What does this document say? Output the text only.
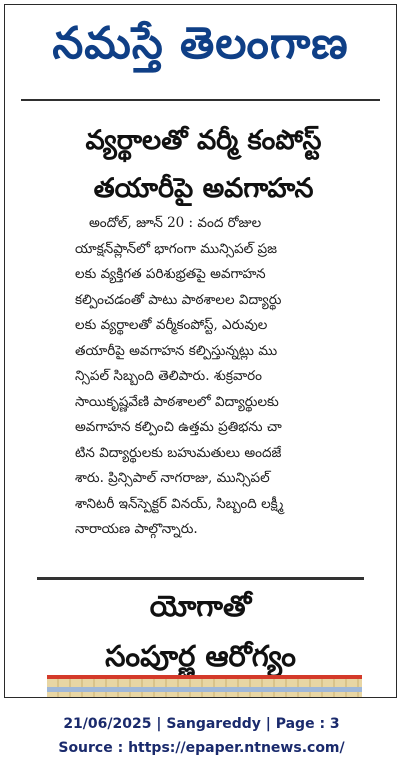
నమస్తే తెలంగాణ
వ్యర్థాలతో వర్మీ కంపోస్ట్
తయారీపై అవగాహన
అందోల్, జూన్ 20 : వంద రోజుల
యాక్షన్‌ప్లాన్‌లో భాగంగా మున్సిపల్ ప్రజ
లకు వ్యక్తిగత పరిశుభ్రతపై అవగాహన
కల్పించడంతో పాటు పాఠశాలల విద్యార్థు
లకు వ్యర్థాలతో వర్మీకంపోస్ట్, ఎరువుల
తయారీపై అవగాహన కల్పిస్తున్నట్లు ము
న్సిపల్ సిబ్బంది తెలిపారు. శుక్రవారం
సాయికృష్ణవేణి పాఠశాలలో విద్యార్థులకు
అవగాహన కల్పించి ఉత్తమ ప్రతిభను చా
టిన విద్యార్థులకు బహుమతులు అందజే
శారు. ప్రిన్సిపాల్ నాగరాజు, మున్సిపల్
శానిటరీ ఇన్‌స్పెక్టర్ వినయ్, సిబ్బంది లక్ష్మీ
నారాయణ పాల్గొన్నారు.
యోగాతో
సంపూర్ణ ఆరోగ్యం
21/06/2025 | Sangareddy | Page : 3
Source : https://epaper.ntnews.com/
